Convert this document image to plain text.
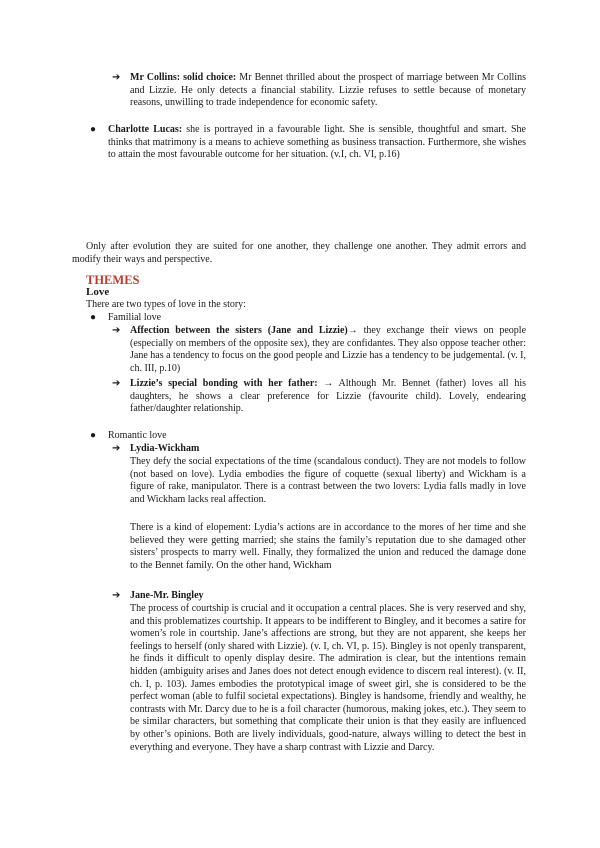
➔ Mr Collins: solid choice: Mr Bennet thrilled about the prospect of marriage between Mr Collins and Lizzie. He only detects a financial stability. Lizzie refuses to settle because of monetary reasons, unwilling to trade independence for economic safety.

● Charlotte Lucas: she is portrayed in a favourable light. She is sensible, thoughtful and smart. She thinks that matrimony is a means to achieve something as business transaction. Furthermore, she wishes to attain the most favourable outcome for her situation. (v.I, ch. VI, p.16)

Only after evolution they are suited for one another, they challenge one another. They admit errors and modify their ways and perspective.

THEMES
Love
There are two types of love in the story:
● Familial love
➔ Affection between the sisters (Jane and Lizzie)→ they exchange their views on people (especially on members of the opposite sex), they are confidantes. They also oppose teacher other: Jane has a tendency to focus on the good people and Lizzie has a tendency to be judgemental. (v. I, ch. III, p.10)

➔ Lizzie’s special bonding with her father: → Although Mr. Bennet (father) loves all his daughters, he shows a clear preference for Lizzie (favourite child). Lovely, endearing father/daughter relationship.

● Romantic love
➔ Lydia-Wickham

They defy the social expectations of the time (scandalous conduct). They are not models to follow (not based on love). Lydia embodies the figure of coquette (sexual liberty) and Wickham is a figure of rake, manipulator. There is a contrast between the two lovers: Lydia falls madly in love and Wickham lacks real affection.

There is a kind of elopement: Lydia’s actions are in accordance to the mores of her time and she believed they were getting married; she stains the family’s reputation due to she damaged other sisters’ prospects to marry well. Finally, they formalized the union and reduced the damage done to the Bennet family. On the other hand, Wickham

➔ Jane-Mr. Bingley

The process of courtship is crucial and it occupation a central places. She is very reserved and shy, and this problematizes courtship. It appears to be indifferent to Bingley, and it becomes a satire for women’s role in courtship. Jane’s affections are strong, but they are not apparent, she keeps her feelings to herself (only shared with Lizzie). (v. I, ch. VI, p. 15). Bingley is not openly transparent, he finds it difficult to openly display desire. The admiration is clear, but the intentions remain hidden (ambiguity arises and Janes does not detect enough evidence to discern real interest). (v. II, ch. I, p. 103). James embodies the prototypical image of sweet girl, she is considered to be the perfect woman (able to fulfil societal expectations). Bingley is handsome, friendly and wealthy, he contrasts with Mr. Darcy due to he is a foil character (humorous, making jokes, etc.). They seem to be similar characters, but something that complicate their union is that they easily are influenced by other’s opinions. Both are lively individuals, good-nature, always willing to detect the best in everything and everyone. They have a sharp contrast with Lizzie and Darcy.
